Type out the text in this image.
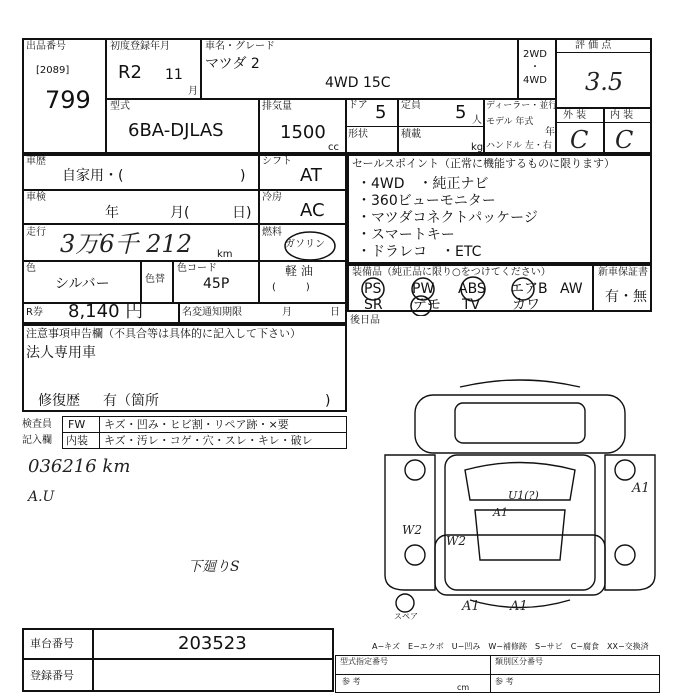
出品番号
[2089]
799
初度登録年月
R2 11
月
車名・グレード
マツダ 2
4WD 15C
2WD
・
4WD
評 価 点
3.5
外 装 内 装
C C
型式
6BA-DJLAS
排気量
1500
cc
ドア 5
形状
定員 5 人
積載
kg
ディーラー・並行
モデル 年式
年
ハンドル 左・右
車歴
自家用・(	)
車検
年	月(	日)
走行 3万6千 212	km
色
シルバー	色替
色コード
45P
シフト
AT
冷房
AC
燃料
ガソリン
軽 油
(　　　)
セールスポイント（正常に機能するものに限ります）
・4WD　・純正ナビ
・360ビューモニター
・マツダコネクトパッケージ
・スマートキー
・ドラレコ　・ETC
装備品（純正品に限り○をつけてください）	新車保証書
PS PW ABS エアB AW
SR デモ TV カワ	有・無
R券 8,140 円	名変通知期限	月	日
注意事項申告欄（不具合等は具体的に記入して下さい）
法人専用車
修復歴 有（箇所	)
後日品
検査員
記入欄
FW キズ・凹み・ヒビ割・リペア跡・×要
内装 キズ・汚レ・コゲ・穴・スレ・キレ・破レ
036216 km
A.U
下廻りS
A1
U1(?)
A1
W2
W2
A1 A1
スペア
A−キズ　E−エクボ　U−凹み　W−補修跡　S−サビ　C−腐食　XX−交換済
車台番号	203523
登録番号
型式指定番号	類別区分番号
参 考	参 考
cm
